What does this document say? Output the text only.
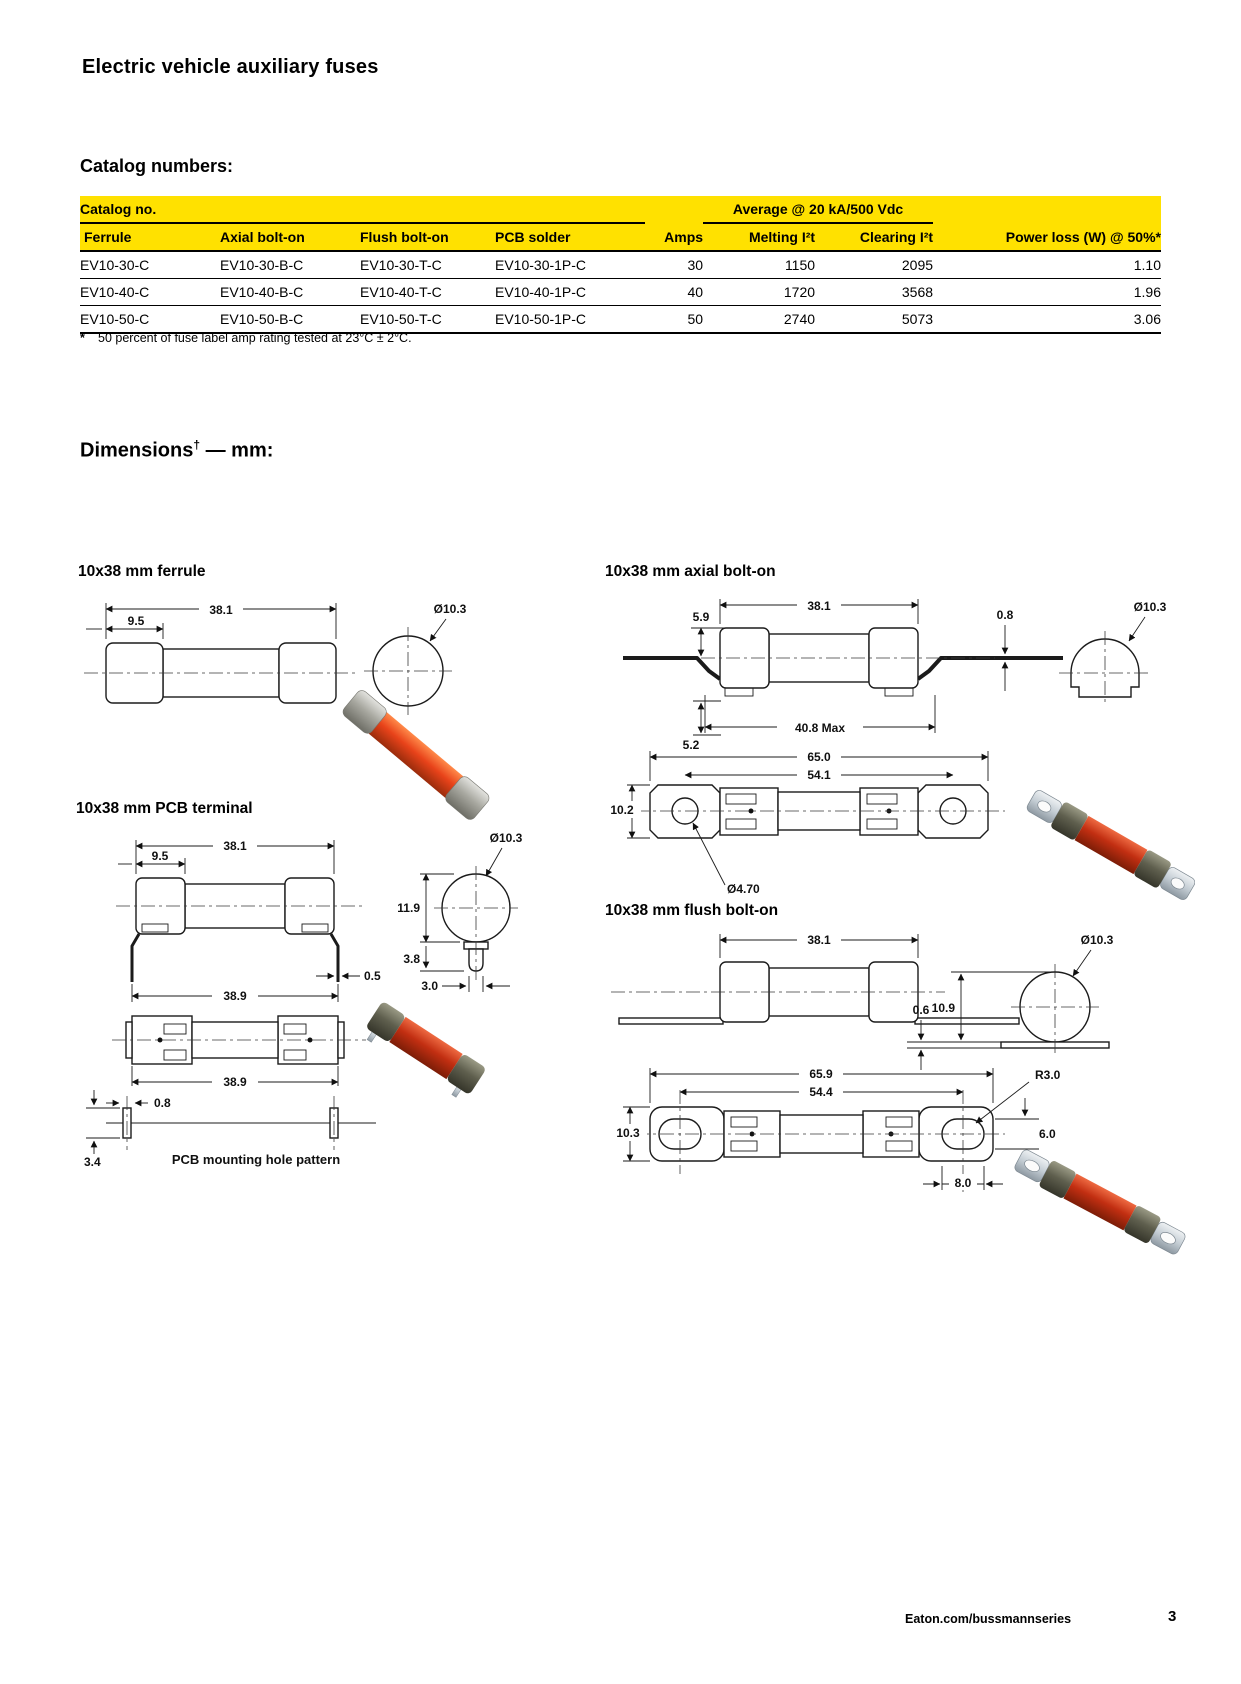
Electric vehicle auxiliary fuses
Catalog numbers:
Catalog no.					Average @ 20 kA/500 Vdc		
Ferrule	Axial bolt-on	Flush bolt-on	PCB solder	Amps	Melting I²t	Clearing I²t	Power loss (W) @ 50%*
EV10-30-C	EV10-30-B-C	EV10-30-T-C	EV10-30-1P-C	30	1150	2095	1.10
EV10-40-C	EV10-40-B-C	EV10-40-T-C	EV10-40-1P-C	40	1720	3568	1.96
EV10-50-C	EV10-50-B-C	EV10-50-T-C	EV10-50-1P-C	50	2740	5073	3.06
* 50 percent of fuse label amp rating tested at 23°C ± 2°C.
Dimensions† — mm:
10x38 mm ferrule
38.1
9.5
Ø10.3
10x38 mm axial bolt-on
5.9
38.1
0.8
40.8 Max
5.2
Ø10.3
65.0
54.1
10.2
Ø4.70
10x38 mm PCB terminal
38.1
9.5
0.5
38.9
Ø10.3
11.9
3.8
3.0
38.9
0.8
3.4	PCB mounting hole pattern
10x38 mm flush bolt-on
38.1	Ø10.3
0.6 10.9
65.9
54.4
10.3
R3.0
6.0
8.0
Eaton.com/bussmannseries	3
